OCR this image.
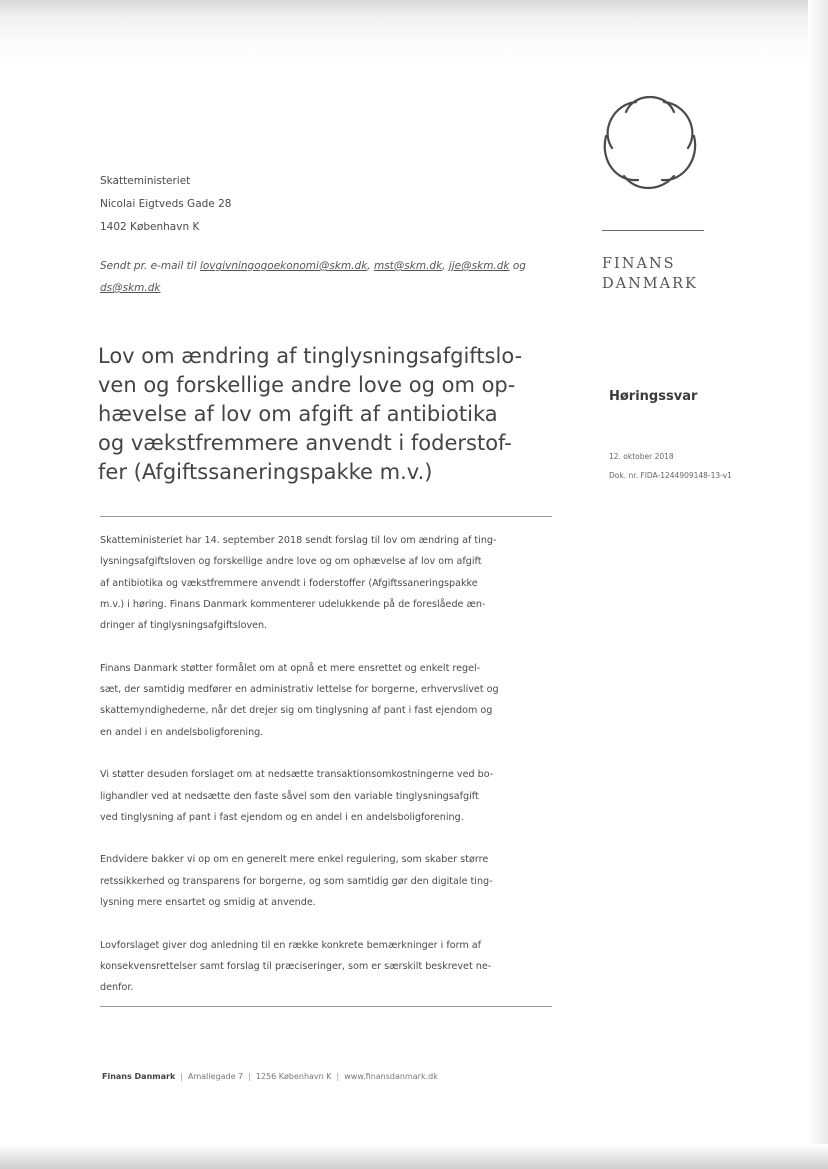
Skatteministeriet
Nicolai Eigtveds Gade 28
1402 København K
Sendt pr. e-mail til lovgivningogoekonomi@skm.dk, mst@skm.dk, jje@skm.dk og
ds@skm.dk
Lov om ændring af tinglysningsafgiftslo-
ven og forskellige andre love og om op-
hævelse af lov om afgift af antibiotika
og vækstfremmere anvendt i foderstof-
fer (Afgiftssaneringspakke m.v.)

Skatteministeriet har 14. september 2018 sendt forslag til lov om ændring af ting-
lysningsafgiftsloven og forskellige andre love og om ophævelse af lov om afgift
af antibiotika og vækstfremmere anvendt i foderstoffer (Afgiftssaneringspakke
m.v.) i høring. Finans Danmark kommenterer udelukkende på de foreslåede æn-
dringer af tinglysningsafgiftsloven.

Finans Danmark støtter formålet om at opnå et mere ensrettet og enkelt regel-
sæt, der samtidig medfører en administrativ lettelse for borgerne, erhvervslivet og
skattemyndighederne, når det drejer sig om tinglysning af pant i fast ejendom og
en andel i en andelsboligforening.

Vi støtter desuden forslaget om at nedsætte transaktionsomkostningerne ved bo-
lighandler ved at nedsætte den faste såvel som den variable tinglysningsafgift
ved tinglysning af pant i fast ejendom og en andel i en andelsboligforening.

Endvidere bakker vi op om en generelt mere enkel regulering, som skaber større
retssikkerhed og transparens for borgerne, og som samtidig gør den digitale ting-
lysning mere ensartet og smidig at anvende.

Lovforslaget giver dog anledning til en række konkrete bemærkninger i form af
konsekvensrettelser samt forslag til præciseringer, som er særskilt beskrevet ne-
denfor.

FINANS
DANMARK
Høringssvar
12. oktober 2018
Dok. nr. FIDA-1244909148-13-v1
Finans Danmark | Amaliegade 7 | 1256 København K | www.finansdanmark.dk
